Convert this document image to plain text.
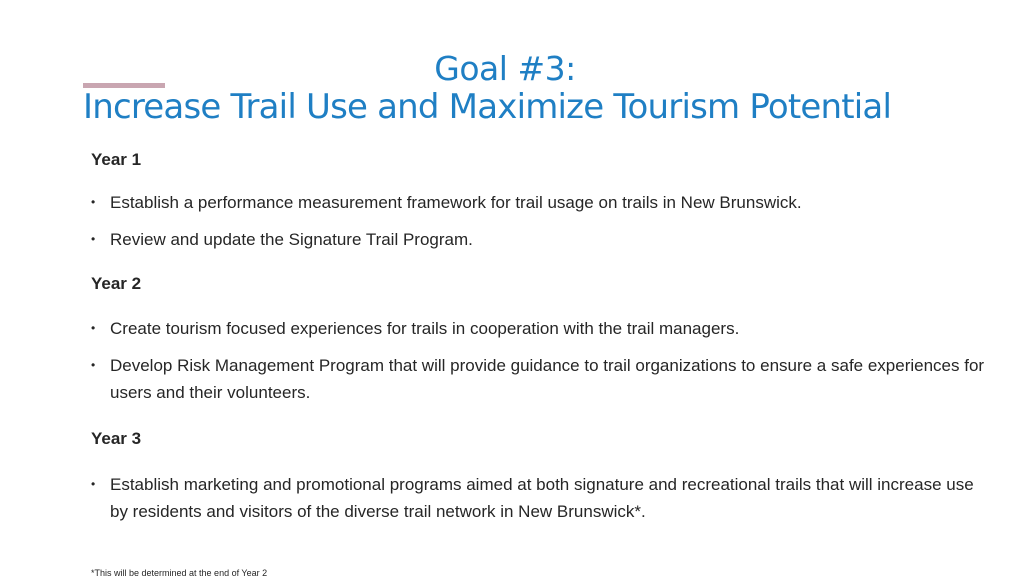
Goal #3:
Increase Trail Use and Maximize Tourism Potential

Year 1

• Establish a performance measurement framework for trail usage on trails in New Brunswick.
• Review and update the Signature Trail Program.

Year 2

• Create tourism focused experiences for trails in cooperation with the trail managers.
• Develop Risk Management Program that will provide guidance to trail organizations to ensure a safe experiences for users and their volunteers.

Year 3

• Establish marketing and promotional programs aimed at both signature and recreational trails that will increase use by residents and visitors of the diverse trail network in New Brunswick*.
*This will be determined at the end of Year 2
